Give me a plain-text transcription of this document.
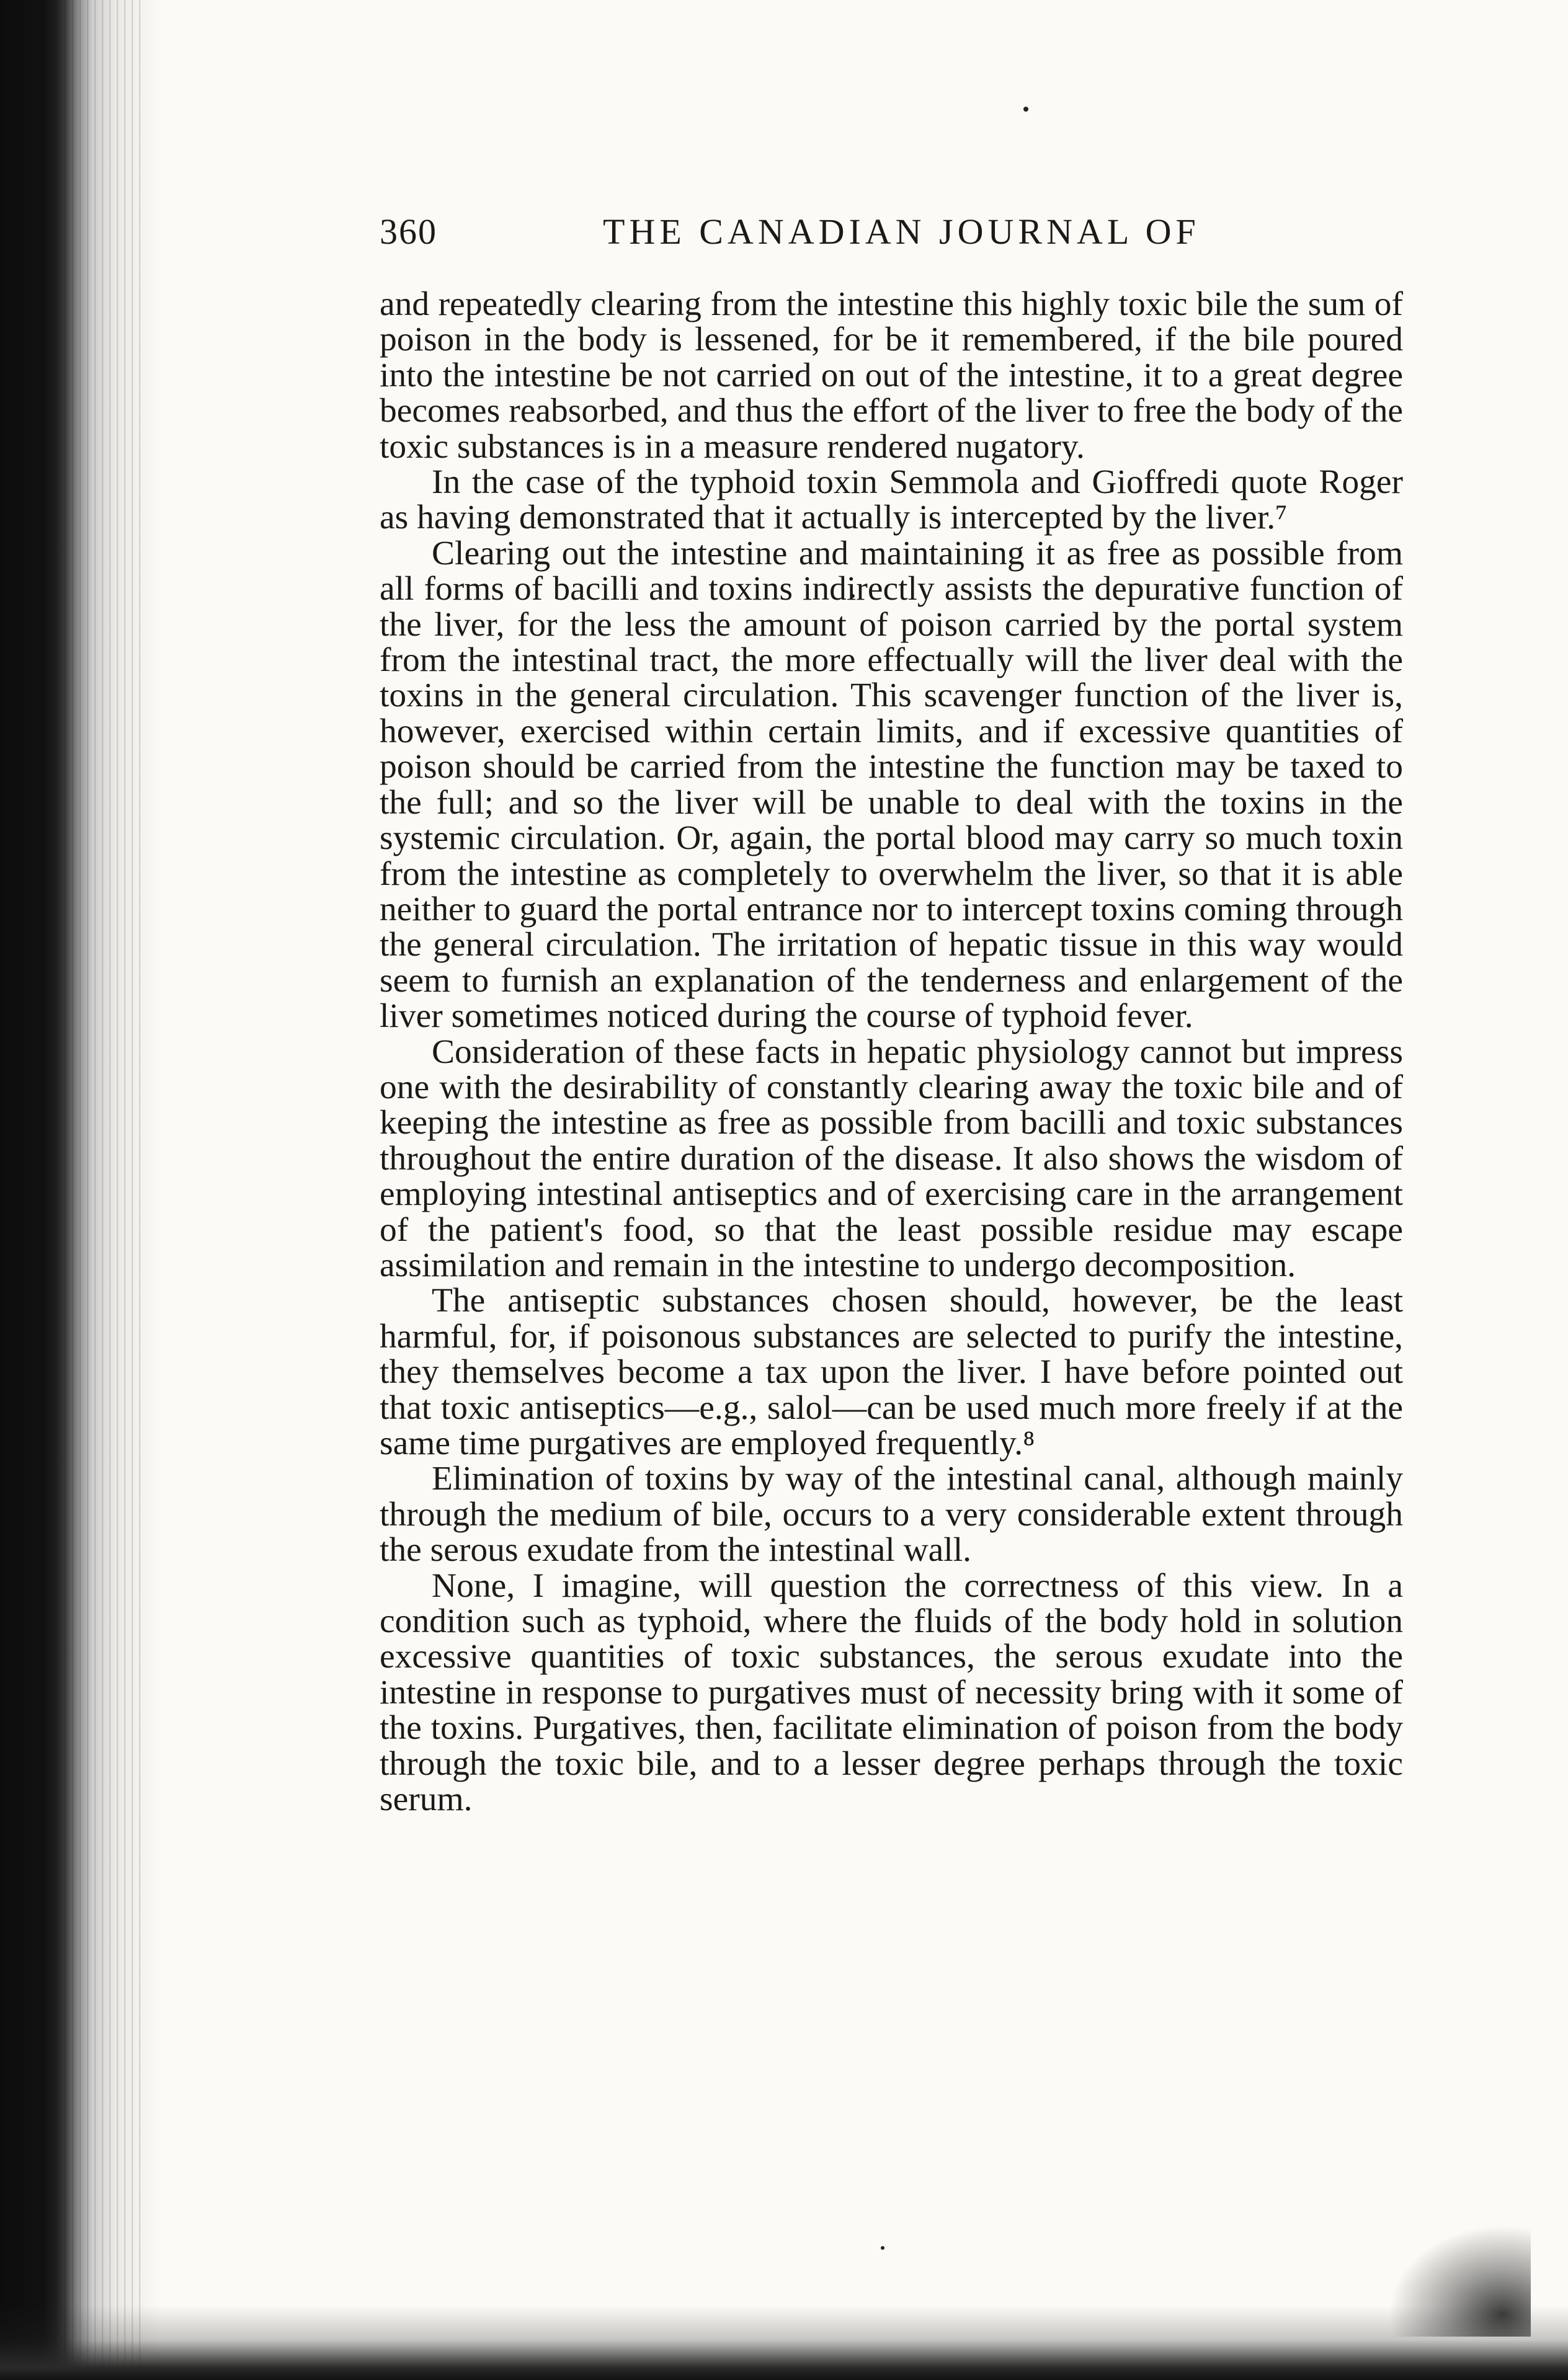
360	THE CANADIAN JOURNAL OF

and repeatedly clearing from the intestine this highly toxic bile the sum of poison in the body is lessened, for be it remembered, if the bile poured into the intestine be not carried on out of the intestine, it to a great degree becomes reabsorbed, and thus the effort of the liver to free the body of the toxic substances is in a measure rendered nugatory.

In the case of the typhoid toxin Semmola and Gioffredi quote Roger as having demonstrated that it actually is intercepted by the liver.⁷

Clearing out the intestine and maintaining it as free as possible from all forms of bacilli and toxins indirectly assists the depurative function of the liver, for the less the amount of poison carried by the portal system from the intestinal tract, the more effectually will the liver deal with the toxins in the general circulation. This scavenger function of the liver is, however, exercised within certain limits, and if excessive quantities of poison should be carried from the intestine the function may be taxed to the full; and so the liver will be unable to deal with the toxins in the systemic circulation. Or, again, the portal blood may carry so much toxin from the intestine as completely to overwhelm the liver, so that it is able neither to guard the portal entrance nor to intercept toxins coming through the general circulation. The irritation of hepatic tissue in this way would seem to furnish an explanation of the tenderness and enlargement of the liver sometimes noticed during the course of typhoid fever.

Consideration of these facts in hepatic physiology cannot but impress one with the desirability of constantly clearing away the toxic bile and of keeping the intestine as free as possible from bacilli and toxic substances throughout the entire duration of the disease. It also shows the wisdom of employing intestinal antiseptics and of exercising care in the arrangement of the patient's food, so that the least possible residue may escape assimilation and remain in the intestine to undergo decomposition.

The antiseptic substances chosen should, however, be the least harmful, for, if poisonous substances are selected to purify the intestine, they themselves become a tax upon the liver. I have before pointed out that toxic antiseptics—e.g., salol—can be used much more freely if at the same time purgatives are employed frequently.⁸

Elimination of toxins by way of the intestinal canal, although mainly through the medium of bile, occurs to a very considerable extent through the serous exudate from the intestinal wall.

None, I imagine, will question the correctness of this view. In a condition such as typhoid, where the fluids of the body hold in solution excessive quantities of toxic substances, the serous exudate into the intestine in response to purgatives must of necessity bring with it some of the toxins. Purgatives, then, facilitate elimination of poison from the body through the toxic bile, and to a lesser degree perhaps through the toxic serum.
